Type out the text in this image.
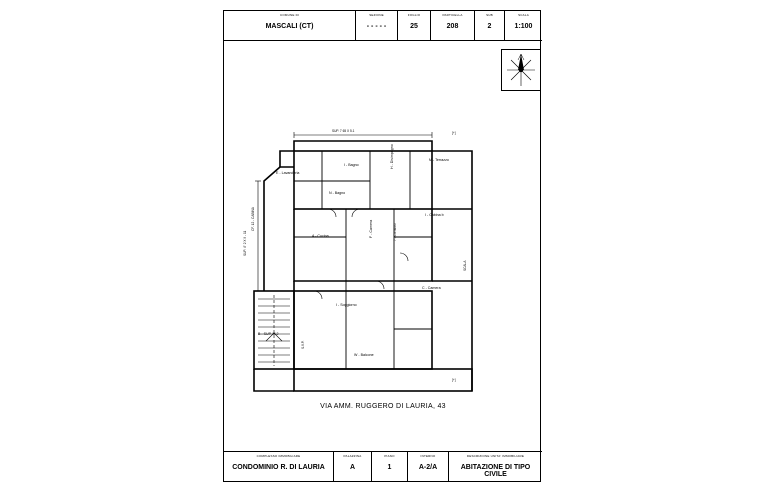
COMUNE DI
MASCALI (CT)
SEZIONE
- - - - -
FOGLIO
25
PARTICELLA
208
SUB
2
SCALA
1:100
E - Lavanderia
I - Bagno	H - Disimpegno	M - Terrazzo
N - Bagno
F - Camera
I - Cabina b
A - Cucina
C - Camera
I - Soggiorno
W - Balcone
B - SUP. M.2
SUP. 7 65 X 5.1
CF. 12 - CABINA
SUP. 4" 2 X 9 - 11
SCALA
7 - Corridoio
S.V.P.
[+]
[+]
VIA AMM. RUGGERO DI LAURIA, 43
COMPLESSO IMMOBILIARE
CONDOMINIO R. DI LAURIA
PALAZZINA
A
PIANO
1
INTERNO
A-2/A
DESCRIZIONE UNITA' IMMOBILIARE
ABITAZIONE DI TIPO CIVILE
